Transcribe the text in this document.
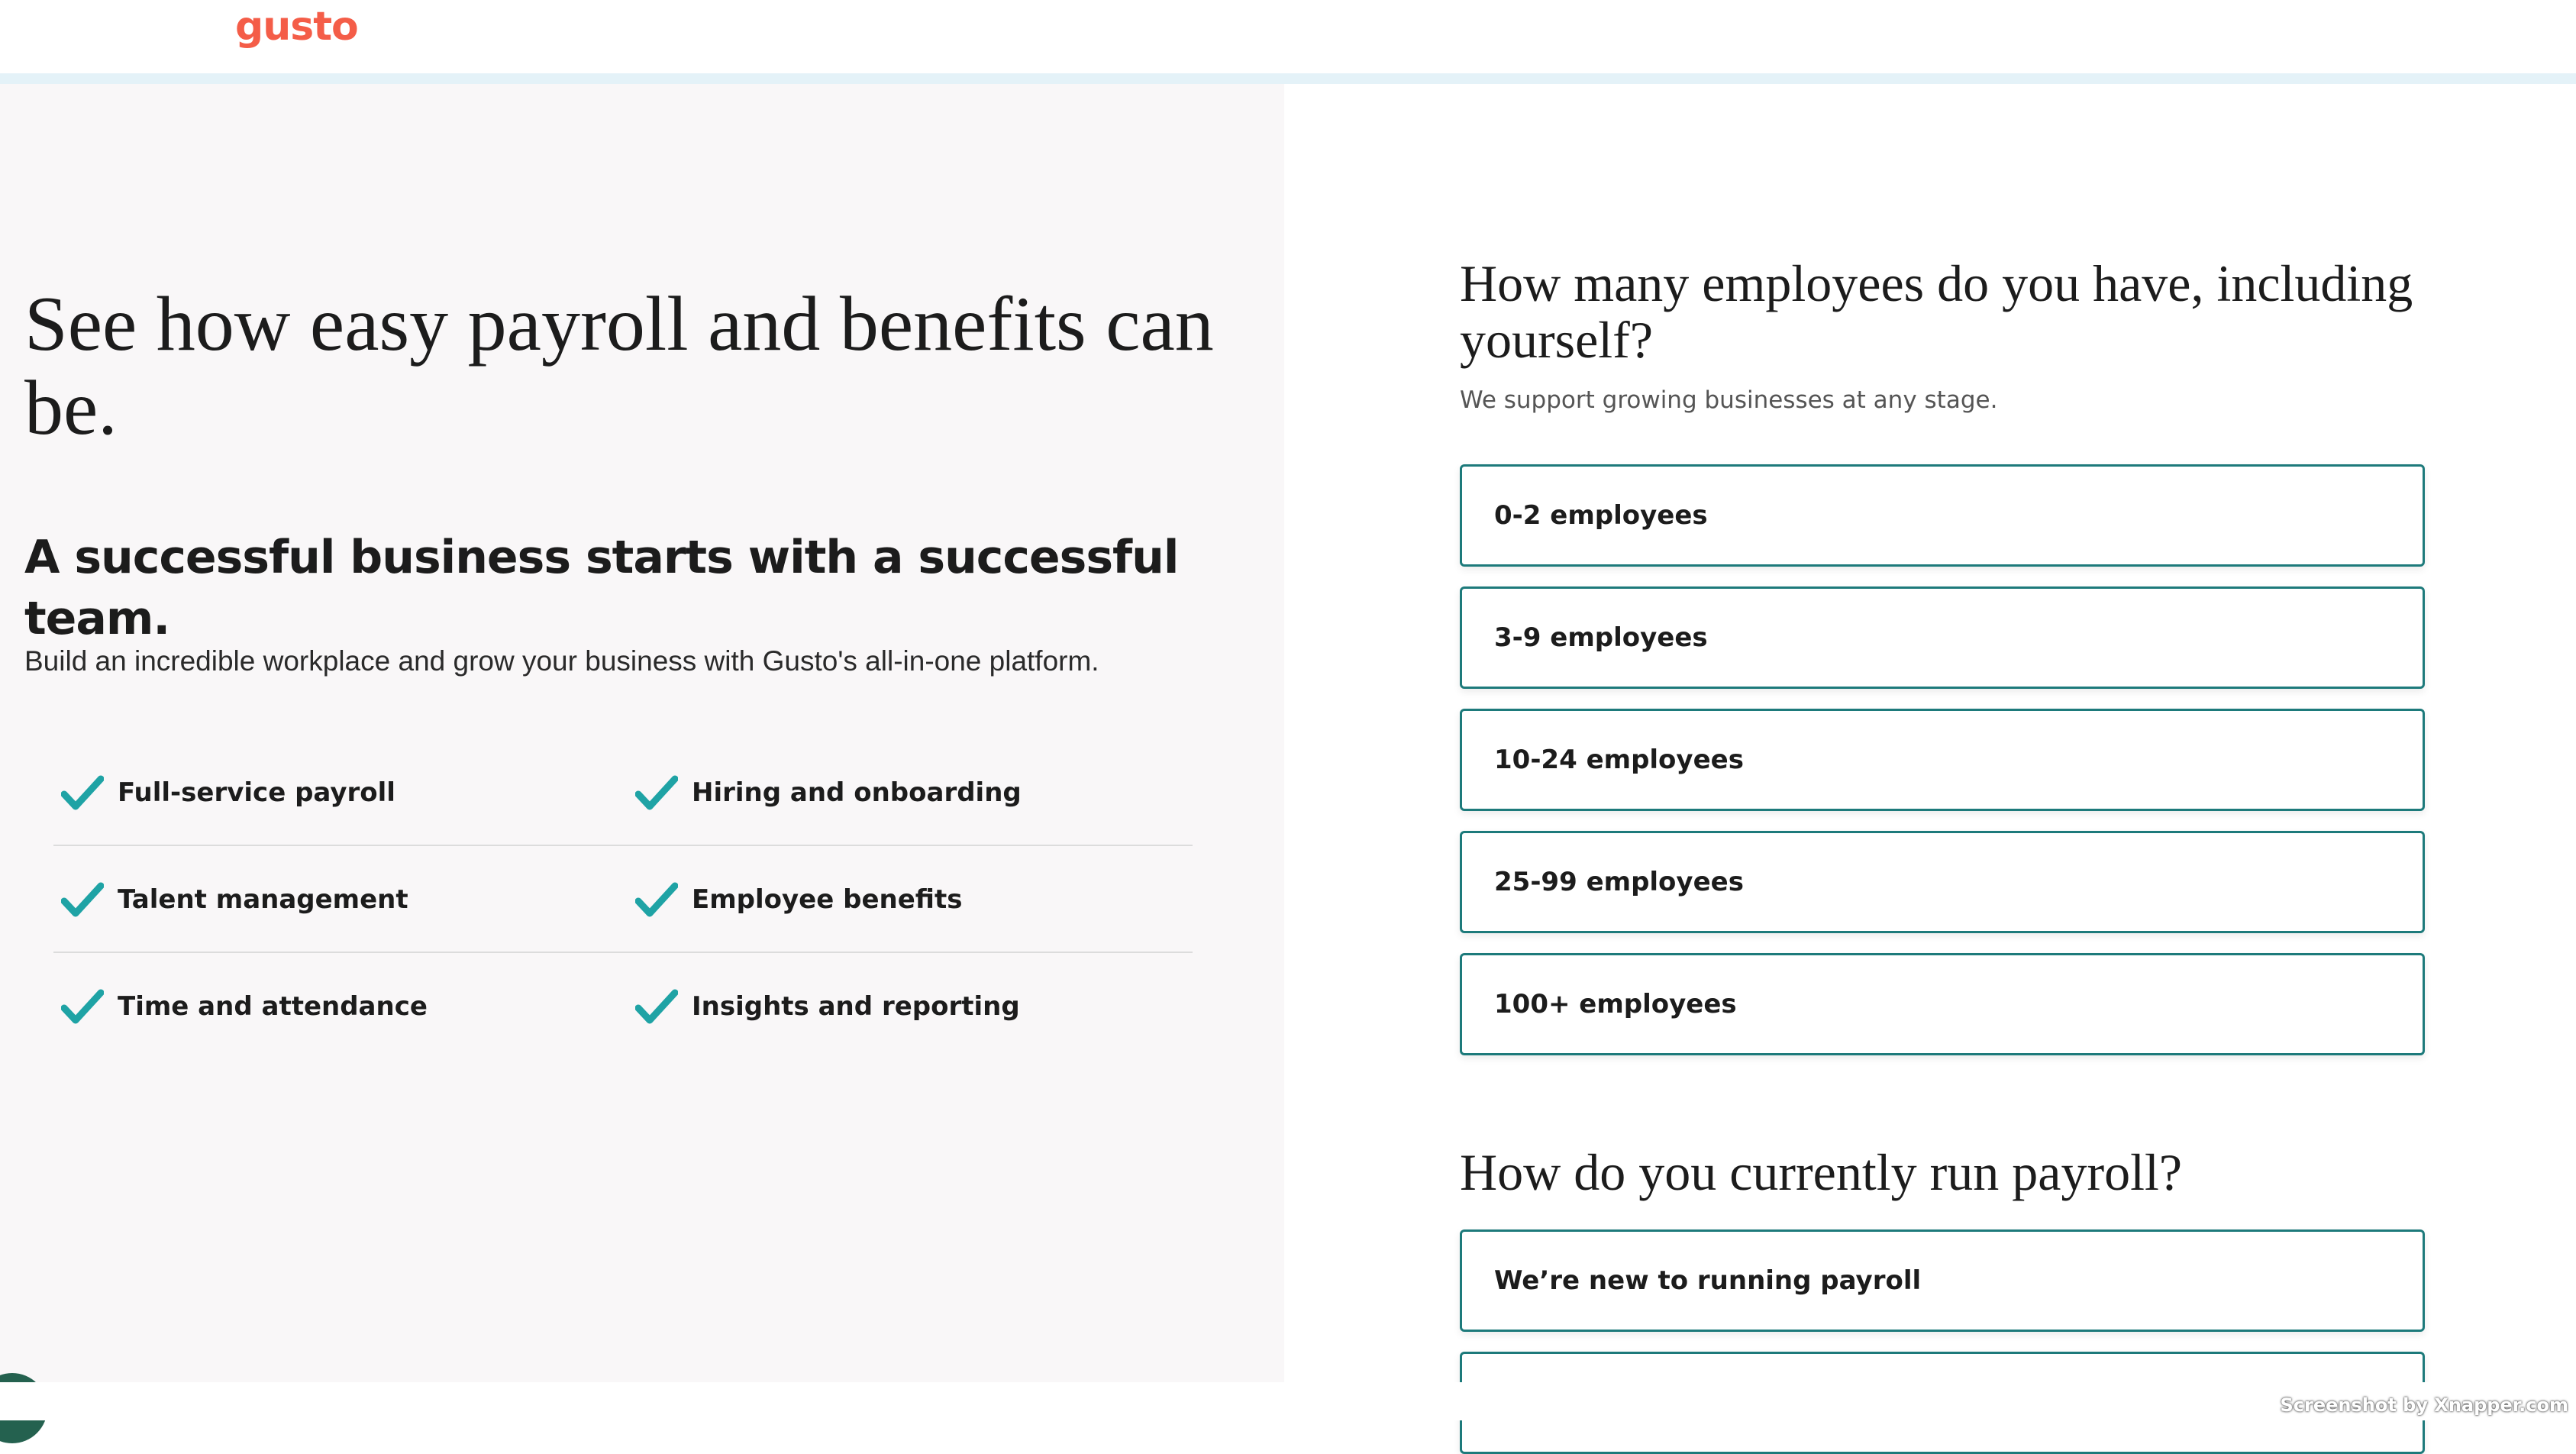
gusto
See how easy payroll and benefits can be.
A successful business starts with a successful team.

Build an incredible workplace and grow your business with Gusto's all-in-one platform.

Full-service payroll	Hiring and onboarding
Talent management	Employee benefits
Time and attendance	Insights and reporting
How many employees do you have, including yourself?

We support growing businesses at any stage.

0-2 employees
3-9 employees
10-24 employees
25-99 employees
100+ employees
How do you currently run payroll?
We’re new to running payroll
Screenshot by Xnapper.com
